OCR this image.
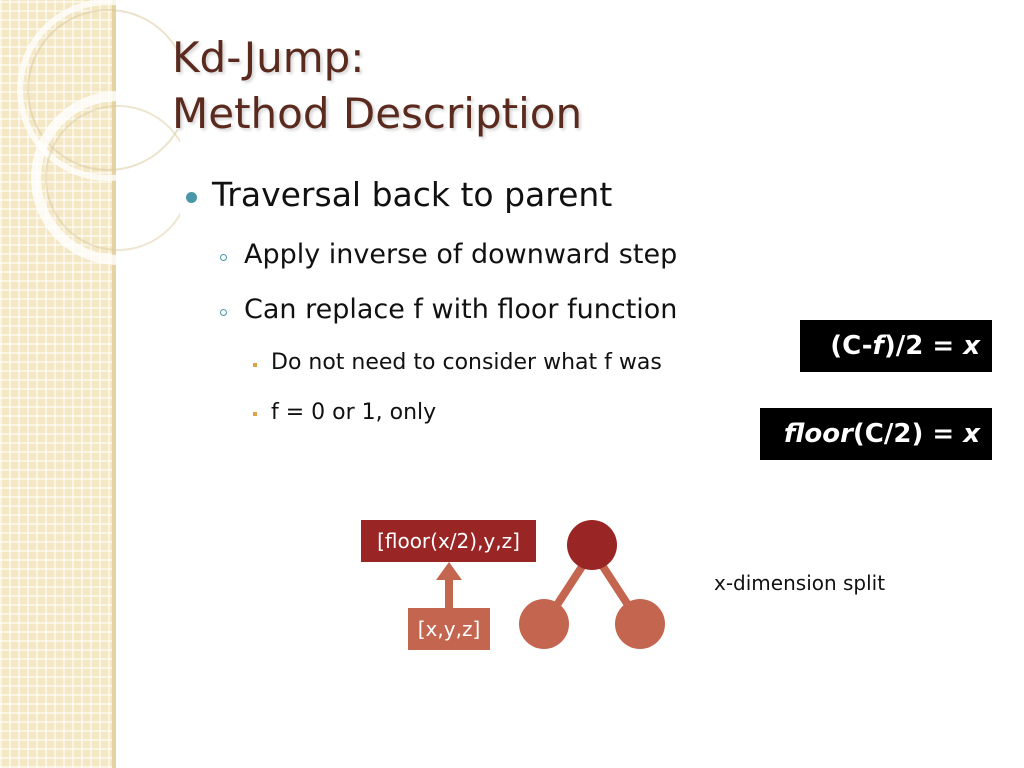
Kd-Jump:
Method Description
Traversal back to parent
Apply inverse of downward step
Can replace f with floor function
Do not need to consider what f was
f = 0 or 1, only
(C- f )/2 = x
floor (C/2) = x
[floor(x/2),y,z]
[x,y,z]
x-dimension split
